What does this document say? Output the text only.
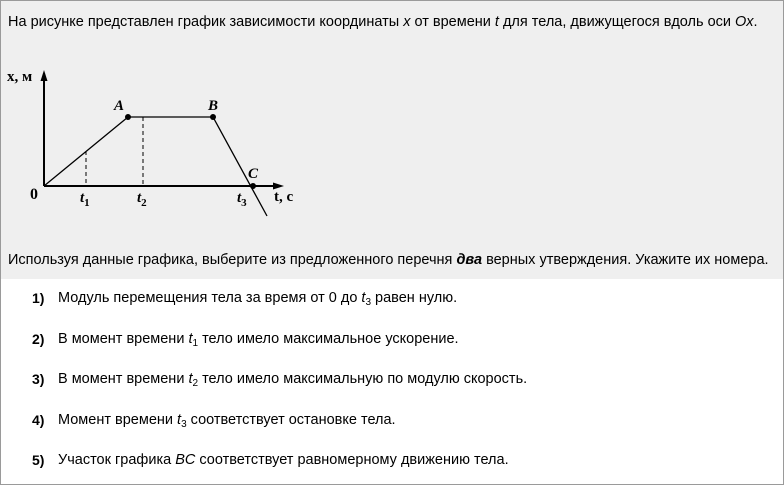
На рисунке представлен график зависимости координаты x от времени t для тела, движущегося вдоль оси Ox.
x, м
0
A	B
C
$t_1$	$t_2$	$t_3$ t, c
Используя данные графика, выберите из предложенного перечня два верных утверждения. Укажите их номера.
1) Модуль перемещения тела за время от 0 до $t_3$ равен нулю.
2) В момент времени $t_1$ тело имело максимальное ускорение.
3) В момент времени $t_2$ тело имело максимальную по модулю скорость.
4) Момент времени $t_3$ соответствует остановке тела.
5) Участок графика BC соответствует равномерному движению тела.
